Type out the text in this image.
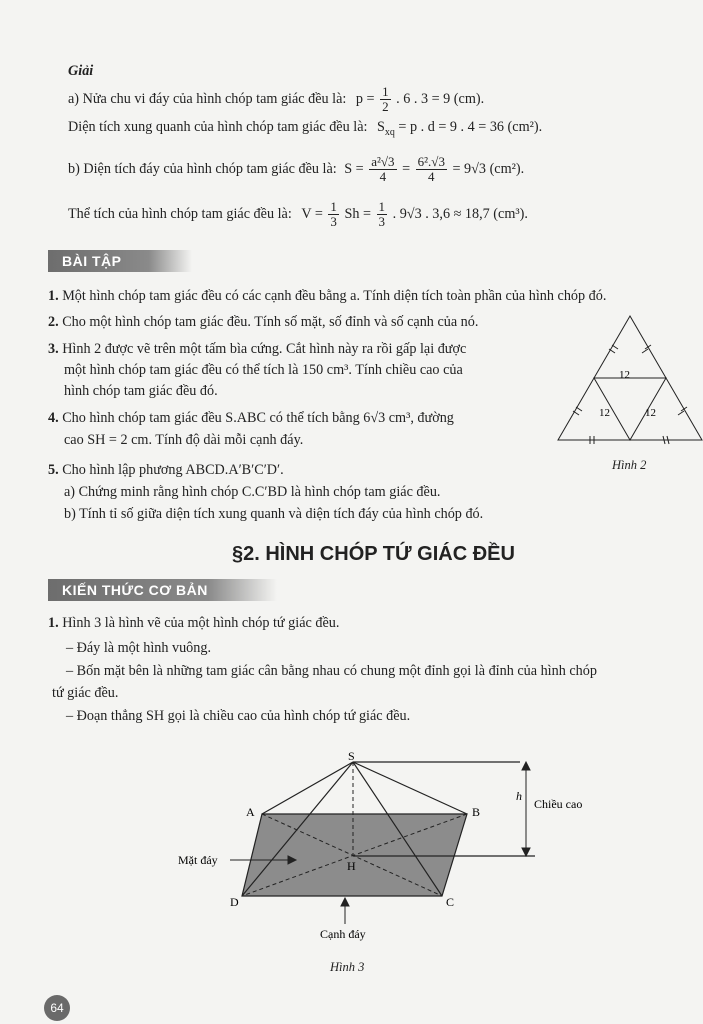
Giải
a) Nửa chu vi đáy của hình chóp tam giác đều là: $p = \frac{1}{2}$ . 6 . 3 = 9 (cm).
Diện tích xung quanh của hình chóp tam giác đều là: $S_{xq} = p$ . d = 9 . 4 = 36 (cm²).
b) Diện tích đáy của hình chóp tam giác đều là: $S = \frac{\text{a²√3}}{4} = \frac{\text{6².√3}}{4} = 9√3$ (cm²).
Thể tích của hình chóp tam giác đều là: $V = \frac{1}{3}$ $Sh = \frac{1}{3}$ . 9√3 . 3,6 ≈ 18,7 (cm³).
BÀI TẬP
1. Một hình chóp tam giác đều có các cạnh đều bằng a. Tính diện tích toàn phần của hình chóp đó.
2. Cho một hình chóp tam giác đều. Tính số mặt, số đỉnh và số cạnh của nó.
3. Hình 2 được vẽ trên một tấm bìa cứng. Cắt hình này ra rồi gấp lại được
một hình chóp tam giác đều có thể tích là 150 cm³. Tính chiều cao của
hình chóp tam giác đều đó.
4. Cho hình chóp tam giác đều S.ABC có thể tích bằng 6√3 cm³, đường
cao SH = 2 cm. Tính độ dài mỗi cạnh đáy.
5. Cho hình lập phương ABCD.A′B′C′D′.
a) Chứng minh rằng hình chóp C.C′BD là hình chóp tam giác đều.
b) Tính tỉ số giữa diện tích xung quanh và diện tích đáy của hình chóp đó.
12
12	12
Hình 2
§2. HÌNH CHÓP TỨ GIÁC ĐỀU
KIẾN THỨC CƠ BẢN
1. Hình 3 là hình vẽ của một hình chóp tứ giác đều.
– Đáy là một hình vuông.
– Bốn mặt bên là những tam giác cân bằng nhau có chung một đỉnh gọi là đỉnh của hình chóp
tứ giác đều.
– Đoạn thẳng SH gọi là chiều cao của hình chóp tứ giác đều.
S
A	B
C
D
H
h
Chiều cao
Mặt đáy
Cạnh đáy
Hình 3
64
